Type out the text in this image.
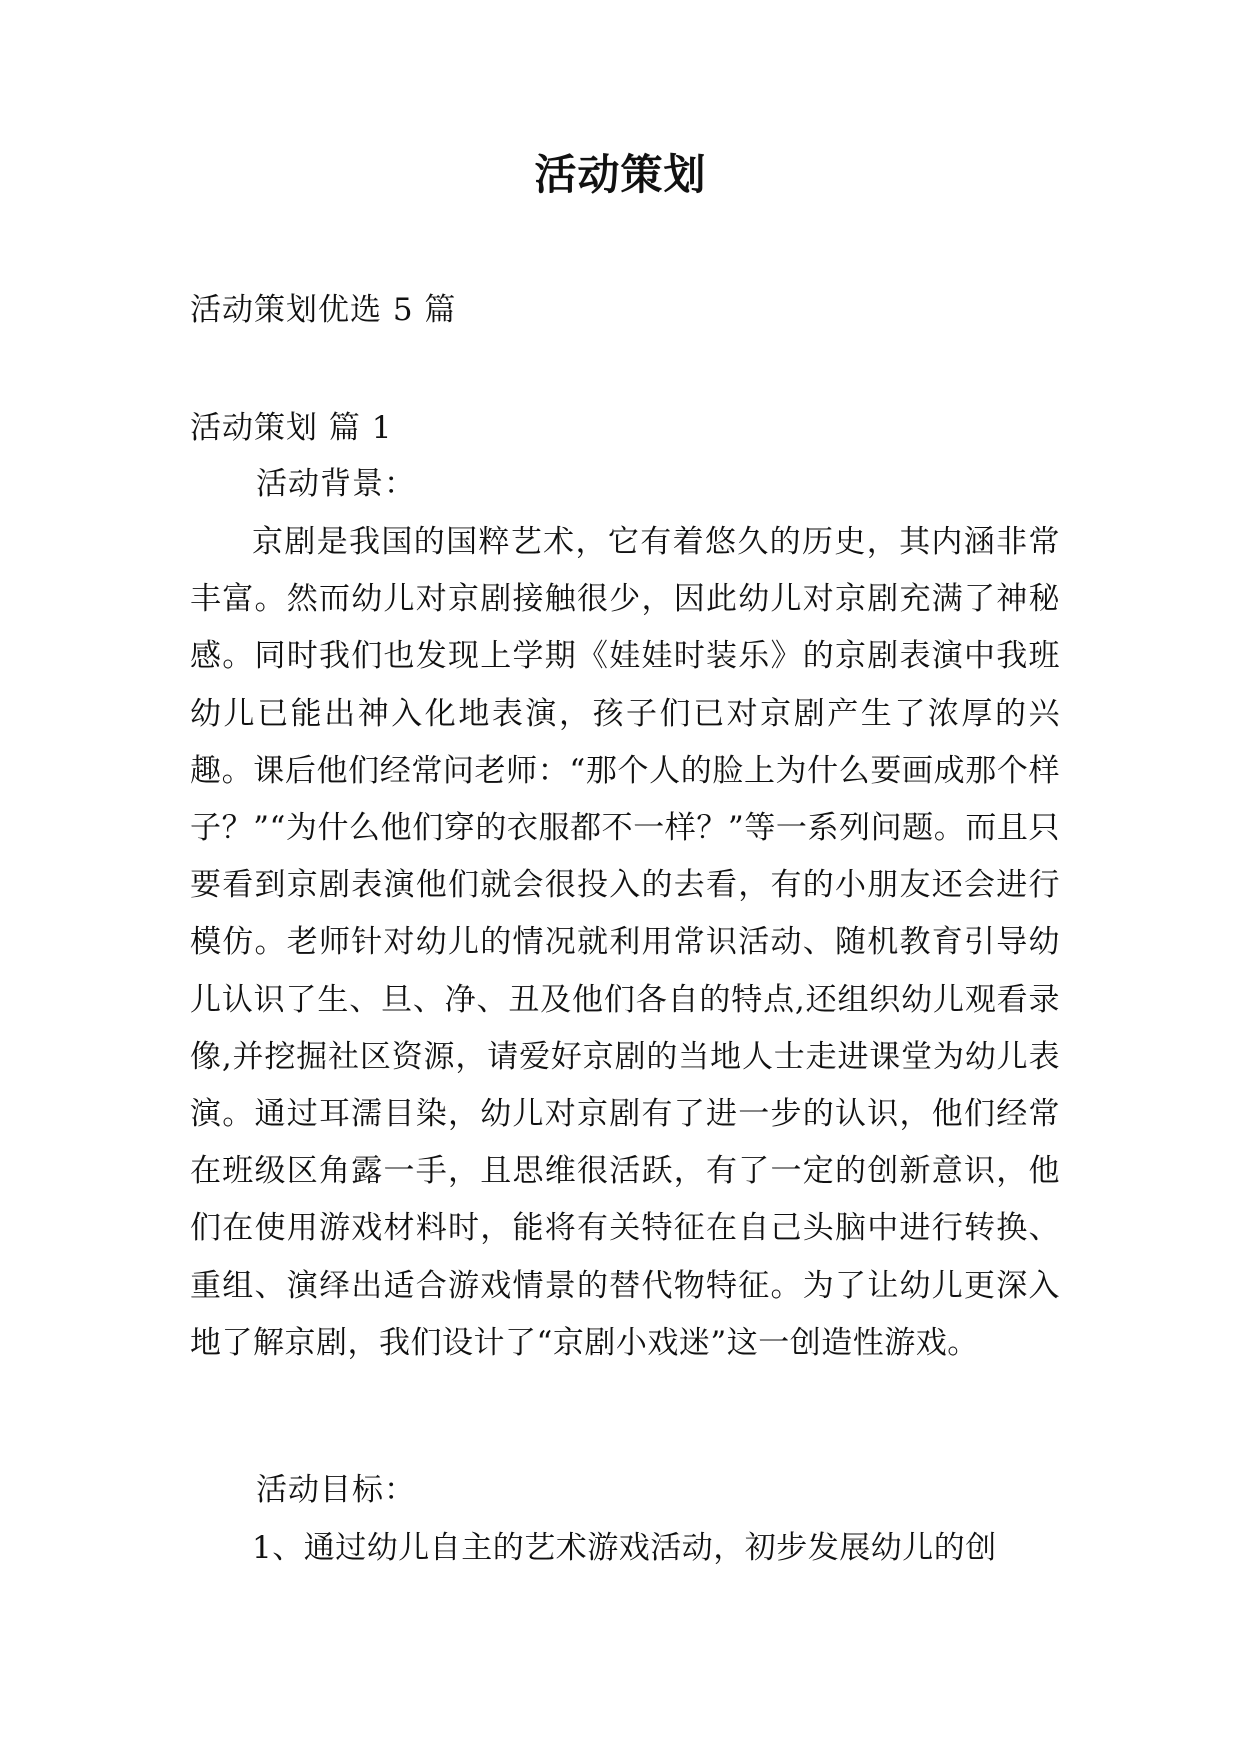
活动策划
活动策划优选 5 篇
活动策划 篇 1
活动背景：

京剧是我国的国粹艺术，它有着悠久的历史，其内涵非常丰富。然而幼儿对京剧接触很少，因此幼儿对京剧充满了神秘感。同时我们也发现上学期《娃娃时装乐》的京剧表演中我班幼儿已能出神入化地表演，孩子们已对京剧产生了浓厚的兴趣。课后他们经常问老师：“那个人的脸上为什么要画成那个样子？”“为什么他们穿的衣服都不一样？”等一系列问题。而且只要看到京剧表演他们就会很投入的去看，有的小朋友还会进行模仿。老师针对幼儿的情况就利用常识活动、随机教育引导幼儿认识了生、旦、净、丑及他们各自的特点,还组织幼儿观看录像,并挖掘社区资源，请爱好京剧的当地人士走进课堂为幼儿表演。通过耳濡目染，幼儿对京剧有了进一步的认识，他们经常在班级区角露一手，且思维很活跃，有了一定的创新意识，他们在使用游戏材料时，能将有关特征在自己头脑中进行转换、重组、演绎出适合游戏情景的替代物特征。为了让幼儿更深入地了解京剧，我们设计了“京剧小戏迷”这一创造性游戏。

活动目标：

1、通过幼儿自主的艺术游戏活动，初步发展幼儿的创
